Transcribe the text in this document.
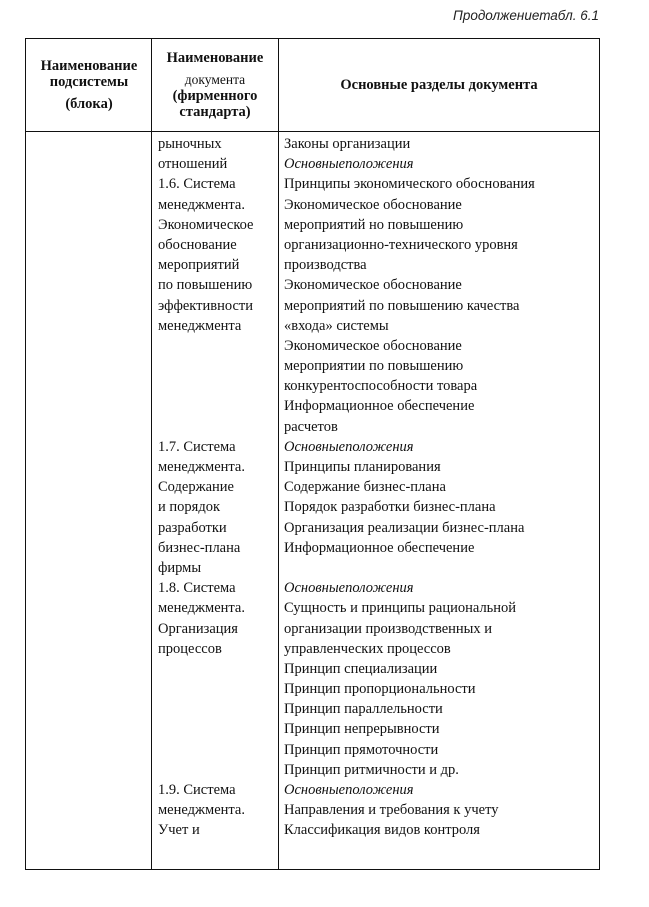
Продолжениетабл. 6.1
Наименование
подсистемы
(блока)
Наименование
документа
(фирменного
стандарта)
Основные разделы документа
рыночных
отношений
1.6. Система
менеджмента.
Экономическое
обоснование
мероприятий
по повышению
эффективности
менеджмента
1.7. Система
менеджмента.
Содержание
и порядок
разработки
бизнес-плана
фирмы
1.8. Система
менеджмента.
Организация
процессов
1.9. Система
менеджмента.
Учет и
Законы организации
Основныеположения
Принципы экономического обоснования
Экономическое обоснование
мероприятий но повышению
организационно-технического уровня
производства
Экономическое обоснование
мероприятий по повышению качества
«входа» системы
Экономическое обоснование
мероприятии по повышению
конкурентоспособности товара
Информационное обеспечение
расчетов
Основныеположения
Принципы планирования
Содержание бизнес-плана
Порядок разработки бизнес-плана
Организация реализации бизнес-плана
Информационное обеспечение
Основныеположения
Сущность и принципы рациональной
организации производственных и
управленческих процессов
Принцип специализации
Принцип пропорциональности
Принцип параллельности
Принцип непрерывности
Принцип прямоточности
Принцип ритмичности и др.
Основныеположения
Направления и требования к учету
Классификация видов контроля
